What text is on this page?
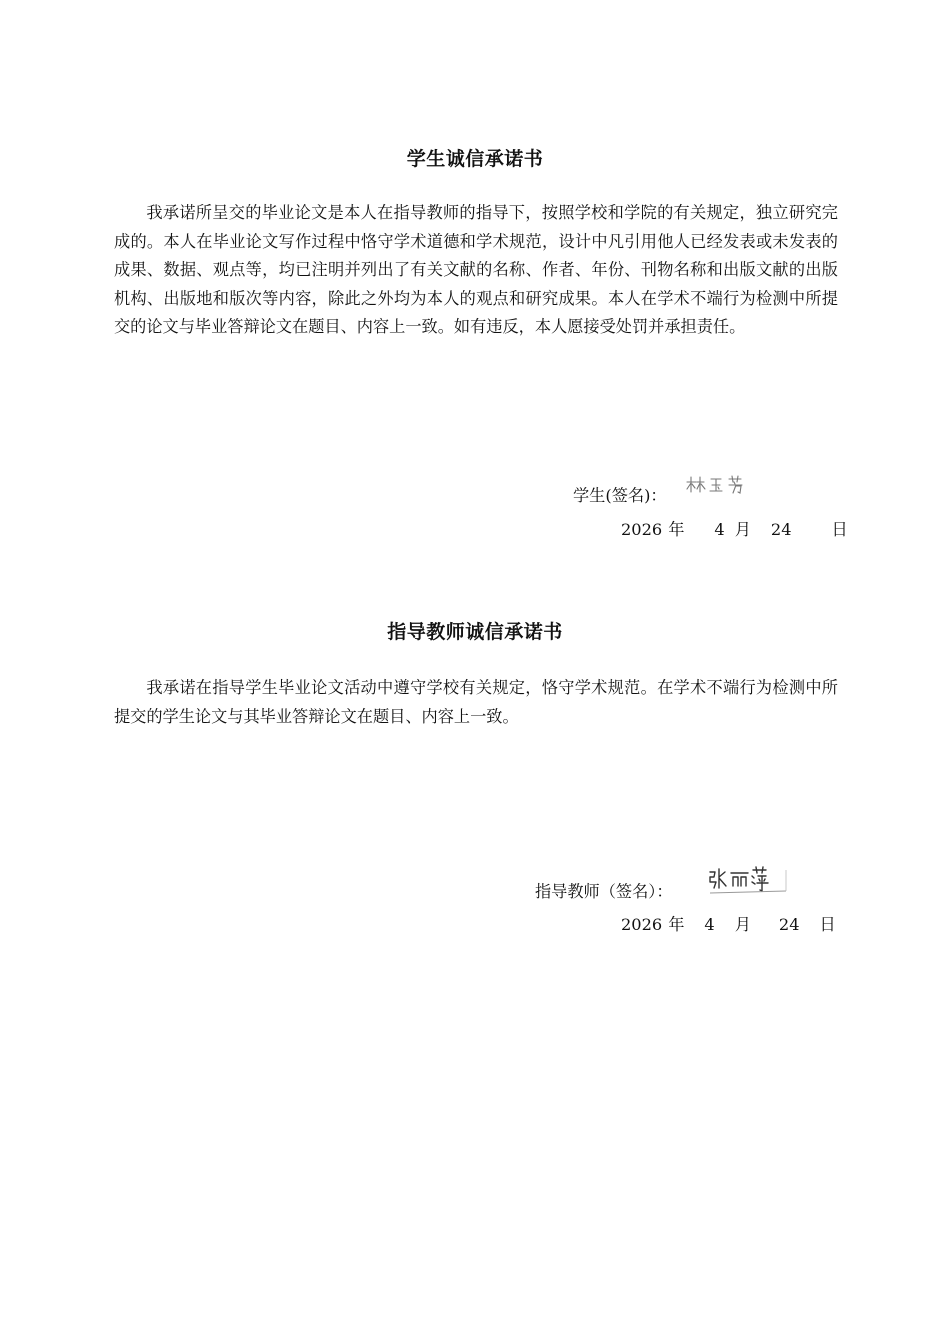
学生诚信承诺书
我承诺所呈交的毕业论文是本人在指导教师的指导下，按照学校和学院的有关规定，独立研究完成的。本人在毕业论文写作过程中恪守学术道德和学术规范，设计中凡引用他人已经发表或未发表的成果、数据、观点等，均已注明并列出了有关文献的名称、作者、年份、刊物名称和出版文献的出版机构、出版地和版次等内容，除此之外均为本人的观点和研究成果。本人在学术不端行为检测中所提交的论文与毕业答辩论文在题目、内容上一致。如有违反，本人愿接受处罚并承担责任。
学生(签名)：
2026 年 4 月 24 日
指导教师诚信承诺书
我承诺在指导学生毕业论文活动中遵守学校有关规定，恪守学术规范。在学术不端行为检测中所提交的学生论文与其毕业答辩论文在题目、内容上一致。
指导教师（签名）：
2026 年 4 月 24 日
